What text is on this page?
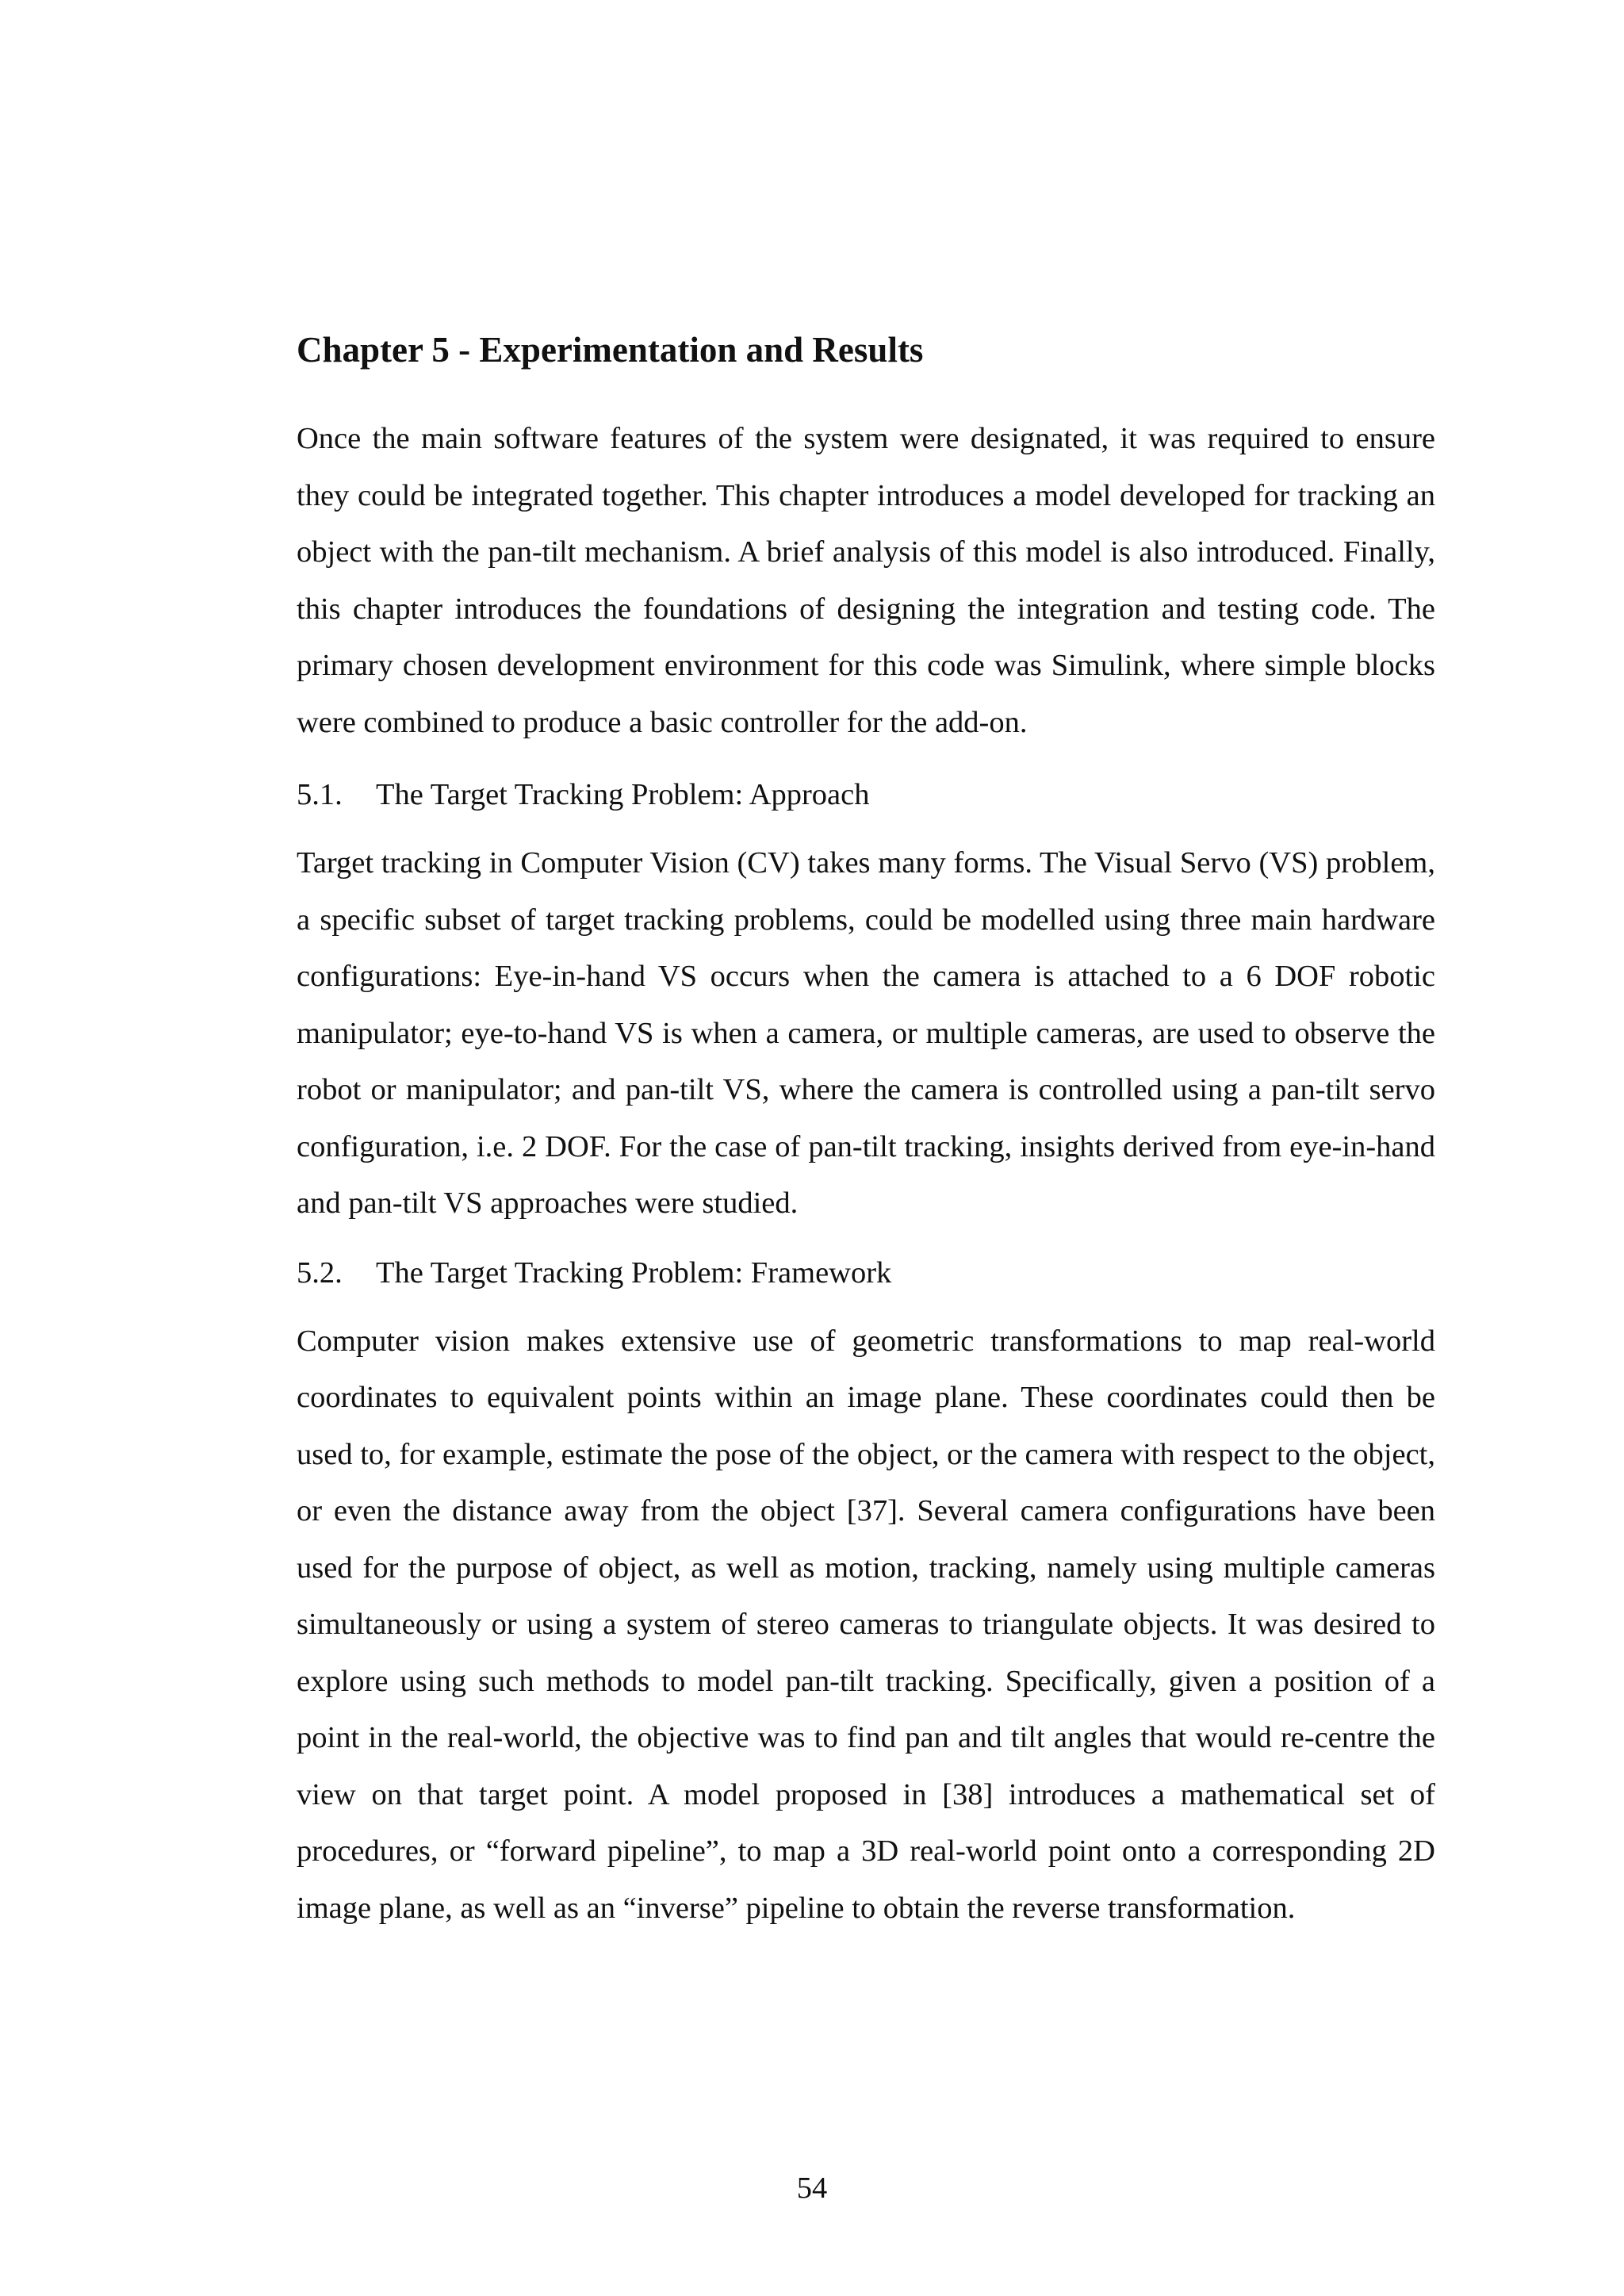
Chapter 5 - Experimentation and Results

Once the main software features of the system were designated, it was required to ensure they could be integrated together. This chapter introduces a model developed for tracking an object with the pan-tilt mechanism. A brief analysis of this model is also introduced. Finally, this chapter introduces the foundations of designing the integration and testing code. The primary chosen development environment for this code was Simulink, where simple blocks were combined to produce a basic controller for the add-on.

5.1. The Target Tracking Problem: Approach

Target tracking in Computer Vision (CV) takes many forms. The Visual Servo (VS) problem, a specific subset of target tracking problems, could be modelled using three main hardware configurations: Eye-in-hand VS occurs when the camera is attached to a 6 DOF robotic manipulator; eye-to-hand VS is when a camera, or multiple cameras, are used to observe the robot or manipulator; and pan-tilt VS, where the camera is controlled using a pan-tilt servo configuration, i.e. 2 DOF. For the case of pan-tilt tracking, insights derived from eye-in-hand and pan-tilt VS approaches were studied.

5.2. The Target Tracking Problem: Framework

Computer vision makes extensive use of geometric transformations to map real-world coordinates to equivalent points within an image plane. These coordinates could then be used to, for example, estimate the pose of the object, or the camera with respect to the object, or even the distance away from the object [37]. Several camera configurations have been used for the purpose of object, as well as motion, tracking, namely using multiple cameras simultaneously or using a system of stereo cameras to triangulate objects. It was desired to explore using such methods to model pan-tilt tracking. Specifically, given a position of a point in the real-world, the objective was to find pan and tilt angles that would re-centre the view on that target point. A model proposed in [38] introduces a mathematical set of procedures, or “forward pipeline”, to map a 3D real-world point onto a corresponding 2D image plane, as well as an “inverse” pipeline to obtain the reverse transformation.

54
